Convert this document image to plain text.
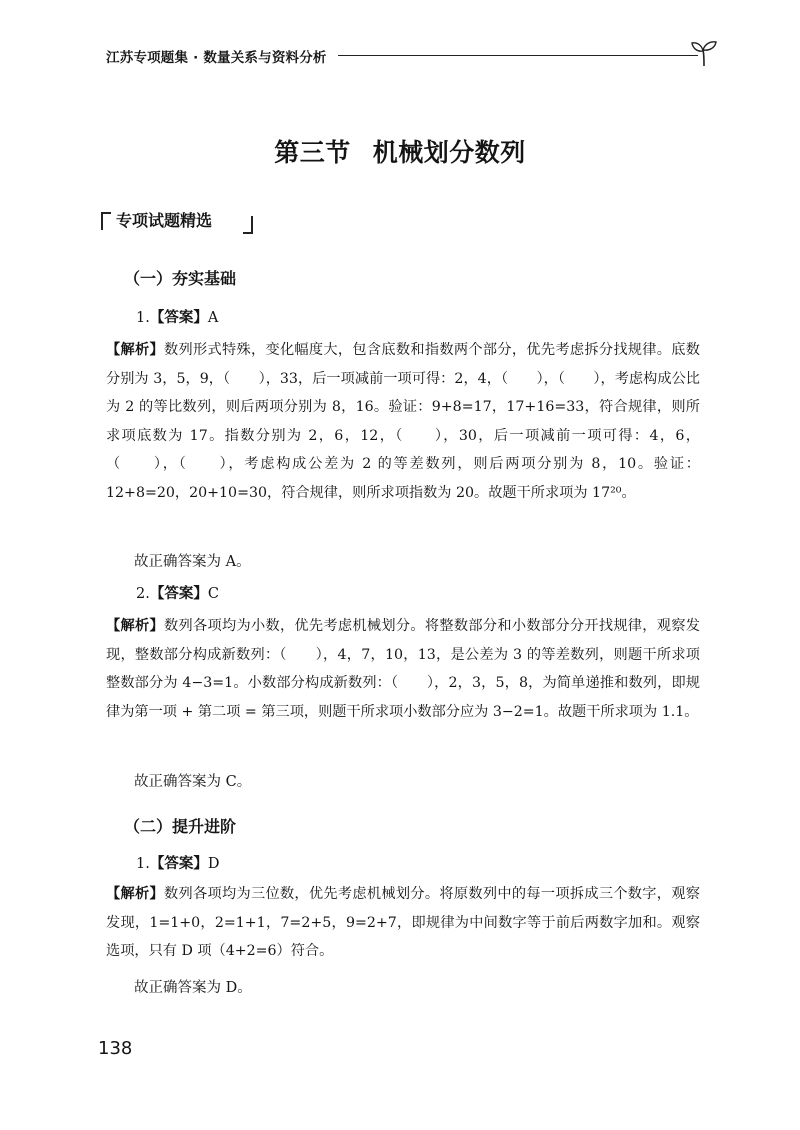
江苏专项题集 · 数量关系与资料分析
第三节 机械划分数列
专项试题精选
（一）夯实基础
1.【答案】A
【解析】数列形式特殊，变化幅度大，包含底数和指数两个部分，优先考虑拆分找规律。底数分别为 3，5，9，（　　），33，后一项减前一项可得：2，4，（　　），（　　），考虑构成公比为 2 的等比数列，则后两项分别为 8，16。验证：9+8=17，17+16=33，符合规律，则所求项底数为 17。指数分别为 2，6，12，（　　），30，后一项减前一项可得：4，6，（　　），（　　），考虑构成公差为 2 的等差数列，则后两项分别为 8，10。验证：12+8=20，20+10=30，符合规律，则所求项指数为 20。故题干所求项为 17²⁰。
故正确答案为 A。
2.【答案】C
【解析】数列各项均为小数，优先考虑机械划分。将整数部分和小数部分分开找规律，观察发现，整数部分构成新数列：（　　），4，7，10，13，是公差为 3 的等差数列，则题干所求项整数部分为 4−3=1。小数部分构成新数列：（　　），2，3，5，8，为简单递推和数列，即规律为第一项 + 第二项 = 第三项，则题干所求项小数部分应为 3−2=1。故题干所求项为 1.1。
故正确答案为 C。
（二）提升进阶
1.【答案】D
【解析】数列各项均为三位数，优先考虑机械划分。将原数列中的每一项拆成三个数字，观察发现，1=1+0，2=1+1，7=2+5，9=2+7，即规律为中间数字等于前后两数字加和。观察选项，只有 D 项（4+2=6）符合。
故正确答案为 D。
138
